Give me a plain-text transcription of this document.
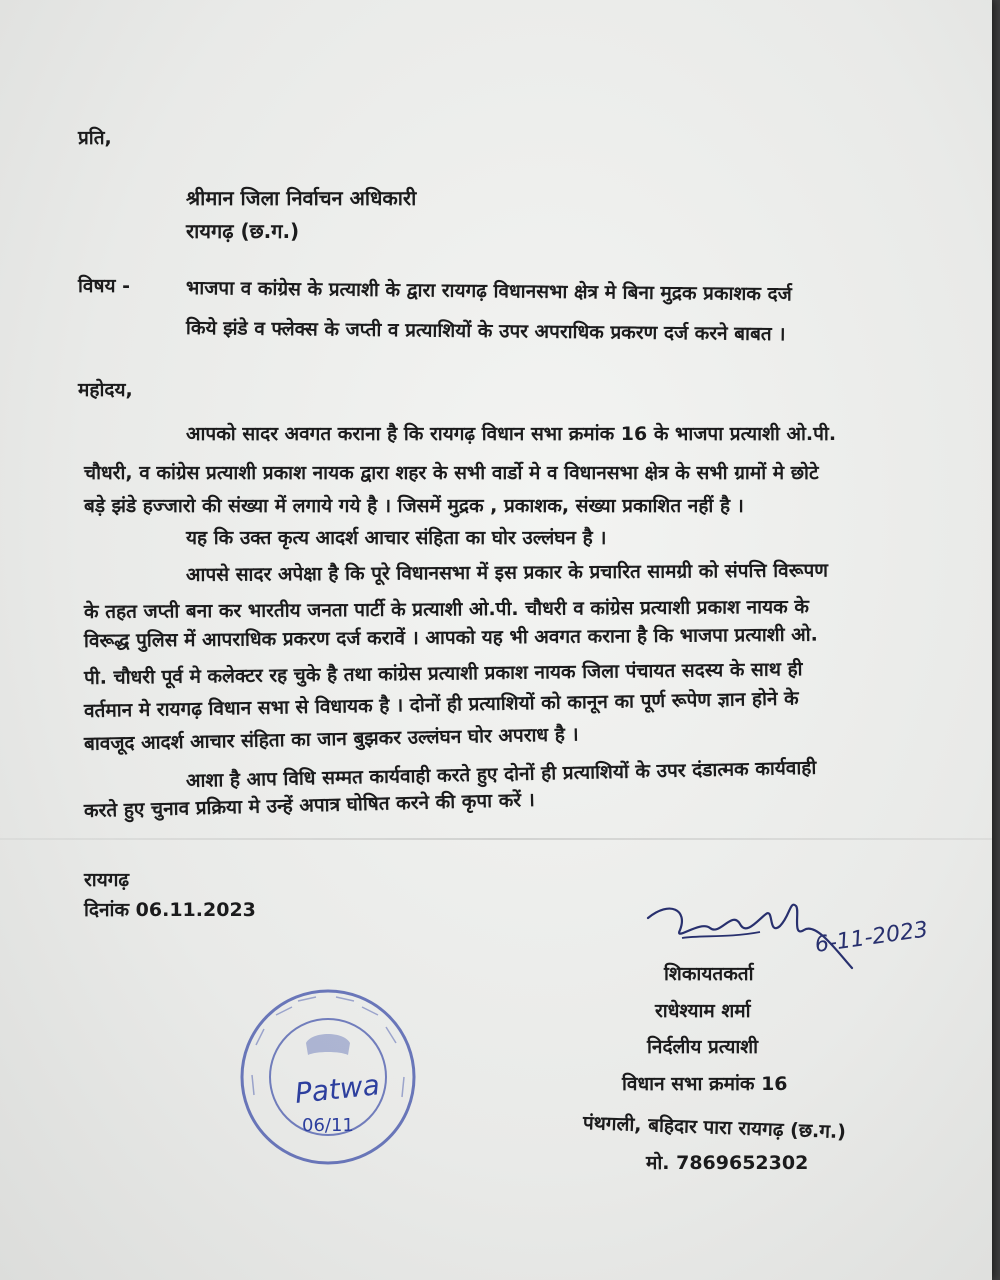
प्रति,
श्रीमान जिला निर्वाचन अधिकारी
रायगढ़ (छ.ग.)
विषय -	भाजपा व कांग्रेस के प्रत्याशी के द्वारा रायगढ़ विधानसभा क्षेत्र मे बिना मुद्रक प्रकाशक दर्ज
किये झंडे व फ्लेक्स के जप्ती व प्रत्याशियों के उपर अपराधिक प्रकरण दर्ज करने बाबत ।
महोदय,
आपको सादर अवगत कराना है कि रायगढ़ विधान सभा क्रमांक 16 के भाजपा प्रत्याशी ओ.पी.
चौधरी, व कांग्रेस प्रत्याशी प्रकाश नायक द्वारा शहर के सभी वार्डो मे व विधानसभा क्षेत्र के सभी ग्रामों मे छोटे
बड़े झंडे हज्जारो की संख्या में लगाये गये है । जिसमें मुद्रक , प्रकाशक, संख्या प्रकाशित नहीं है ।
यह कि उक्त कृत्य आदर्श आचार संहिता का घोर उल्लंघन है ।
आपसे सादर अपेक्षा है कि पूरे विधानसभा में इस प्रकार के प्रचारित सामग्री को संपत्ति विरूपण
के तहत जप्ती बना कर भारतीय जनता पार्टी के प्रत्याशी ओ.पी. चौधरी व कांग्रेस प्रत्याशी प्रकाश नायक के
विरूद्ध पुलिस में आपराधिक प्रकरण दर्ज करावें । आपको यह भी अवगत कराना है कि भाजपा प्रत्याशी ओ.
पी. चौधरी पूर्व मे कलेक्टर रह चुके है तथा कांग्रेस प्रत्याशी प्रकाश नायक जिला पंचायत सदस्य के साथ ही
वर्तमान मे रायगढ़ विधान सभा से विधायक है । दोनों ही प्रत्याशियों को कानून का पूर्ण रूपेण ज्ञान होने के
बावजूद आदर्श आचार संहिता का जान बुझकर उल्लंघन घोर अपराध है ।
आशा है आप विधि सम्मत कार्यवाही करते हुए दोनों ही प्रत्याशियों के उपर दंडात्मक कार्यवाही
करते हुए चुनाव प्रक्रिया मे उन्हें अपात्र घोषित करने की कृपा करें ।
रायगढ़
दिनांक 06.11.2023
6-11-2023
शिकायतकर्ता
राधेश्याम शर्मा
निर्दलीय प्रत्याशी
विधान सभा क्रमांक 16
पंथगली, बहिदार पारा रायगढ़ (छ.ग.)
मो. 7869652302
Patwa
06/11
